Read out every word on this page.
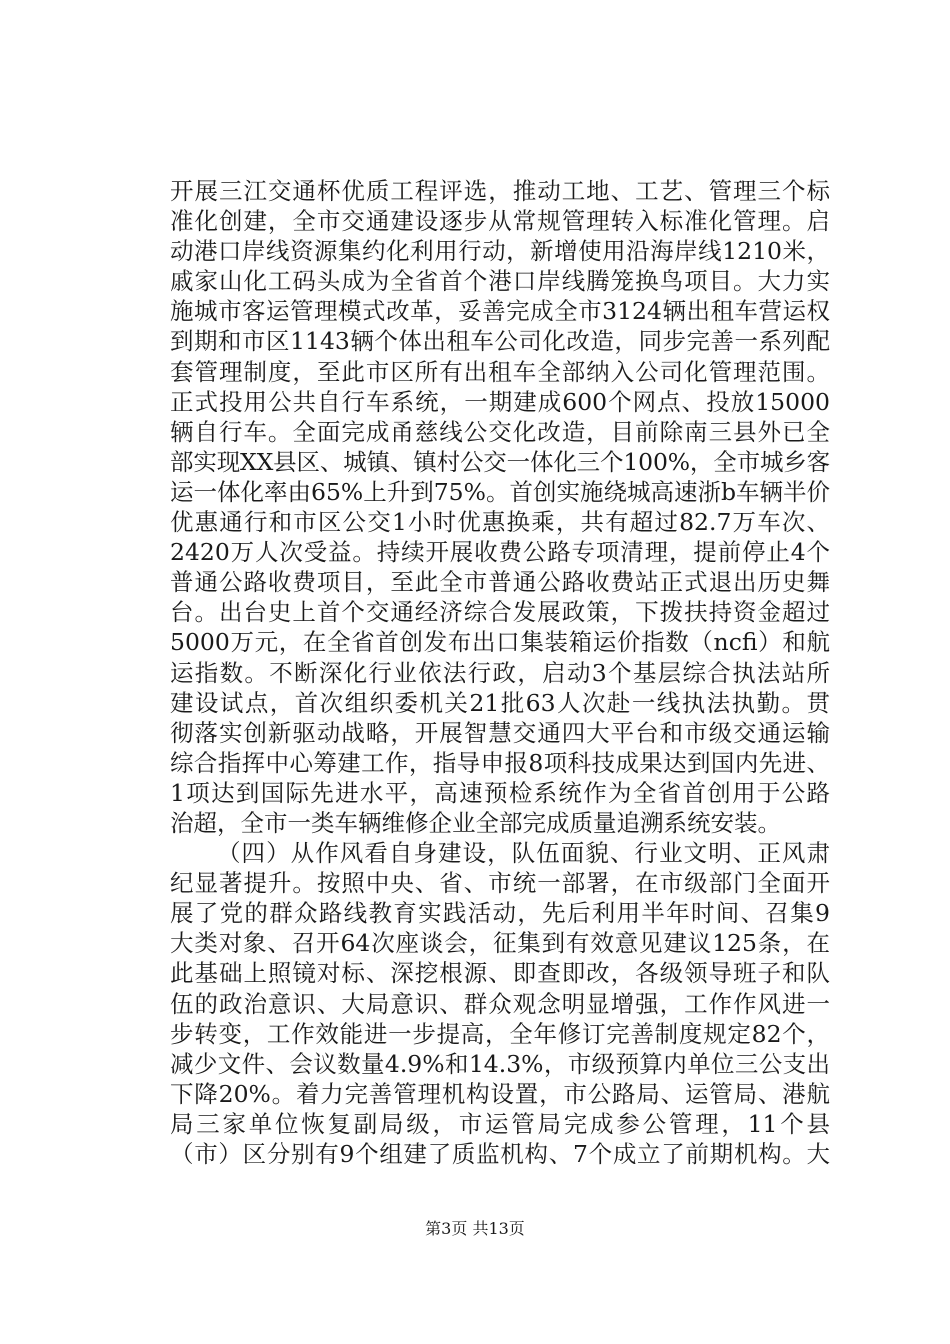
开展三江交通杯优质工程评选，推动工地、工艺、管理三个标
准化创建，全市交通建设逐步从常规管理转入标准化管理。启
动港口岸线资源集约化利用行动，新增使用沿海岸线1210米，
戚家山化工码头成为全省首个港口岸线腾笼换鸟项目。大力实
施城市客运管理模式改革，妥善完成全市3124辆出租车营运权
到期和市区1143辆个体出租车公司化改造，同步完善一系列配
套管理制度，至此市区所有出租车全部纳入公司化管理范围。
正式投用公共自行车系统，一期建成600个网点、投放15000
辆自行车。全面完成甬慈线公交化改造，目前除南三县外已全
部实现XX县区、城镇、镇村公交一体化三个100%，全市城乡客
运一体化率由65%上升到75%。首创实施绕城高速浙b车辆半价
优惠通行和市区公交1小时优惠换乘，共有超过82.7万车次、
2420万人次受益。持续开展收费公路专项清理，提前停止4个
普通公路收费项目，至此全市普通公路收费站正式退出历史舞
台。出台史上首个交通经济综合发展政策，下拨扶持资金超过
5000万元，在全省首创发布出口集装箱运价指数（ncfi）和航
运指数。不断深化行业依法行政，启动3个基层综合执法站所
建设试点，首次组织委机关21批63人次赴一线执法执勤。贯
彻落实创新驱动战略，开展智慧交通四大平台和市级交通运输
综合指挥中心筹建工作，指导申报8项科技成果达到国内先进、
1项达到国际先进水平，高速预检系统作为全省首创用于公路
治超，全市一类车辆维修企业全部完成质量追溯系统安装。
（四）从作风看自身建设，队伍面貌、行业文明、正风肃
纪显著提升。按照中央、省、市统一部署，在市级部门全面开
展了党的群众路线教育实践活动，先后利用半年时间、召集9
大类对象、召开64次座谈会，征集到有效意见建议125条，在
此基础上照镜对标、深挖根源、即查即改，各级领导班子和队
伍的政治意识、大局意识、群众观念明显增强，工作作风进一
步转变，工作效能进一步提高，全年修订完善制度规定82个，
减少文件、会议数量4.9%和14.3%，市级预算内单位三公支出
下降20%。着力完善管理机构设置，市公路局、运管局、港航
局三家单位恢复副局级，市运管局完成参公管理，11个县
（市）区分别有9个组建了质监机构、7个成立了前期机构。大
第3页 共13页
